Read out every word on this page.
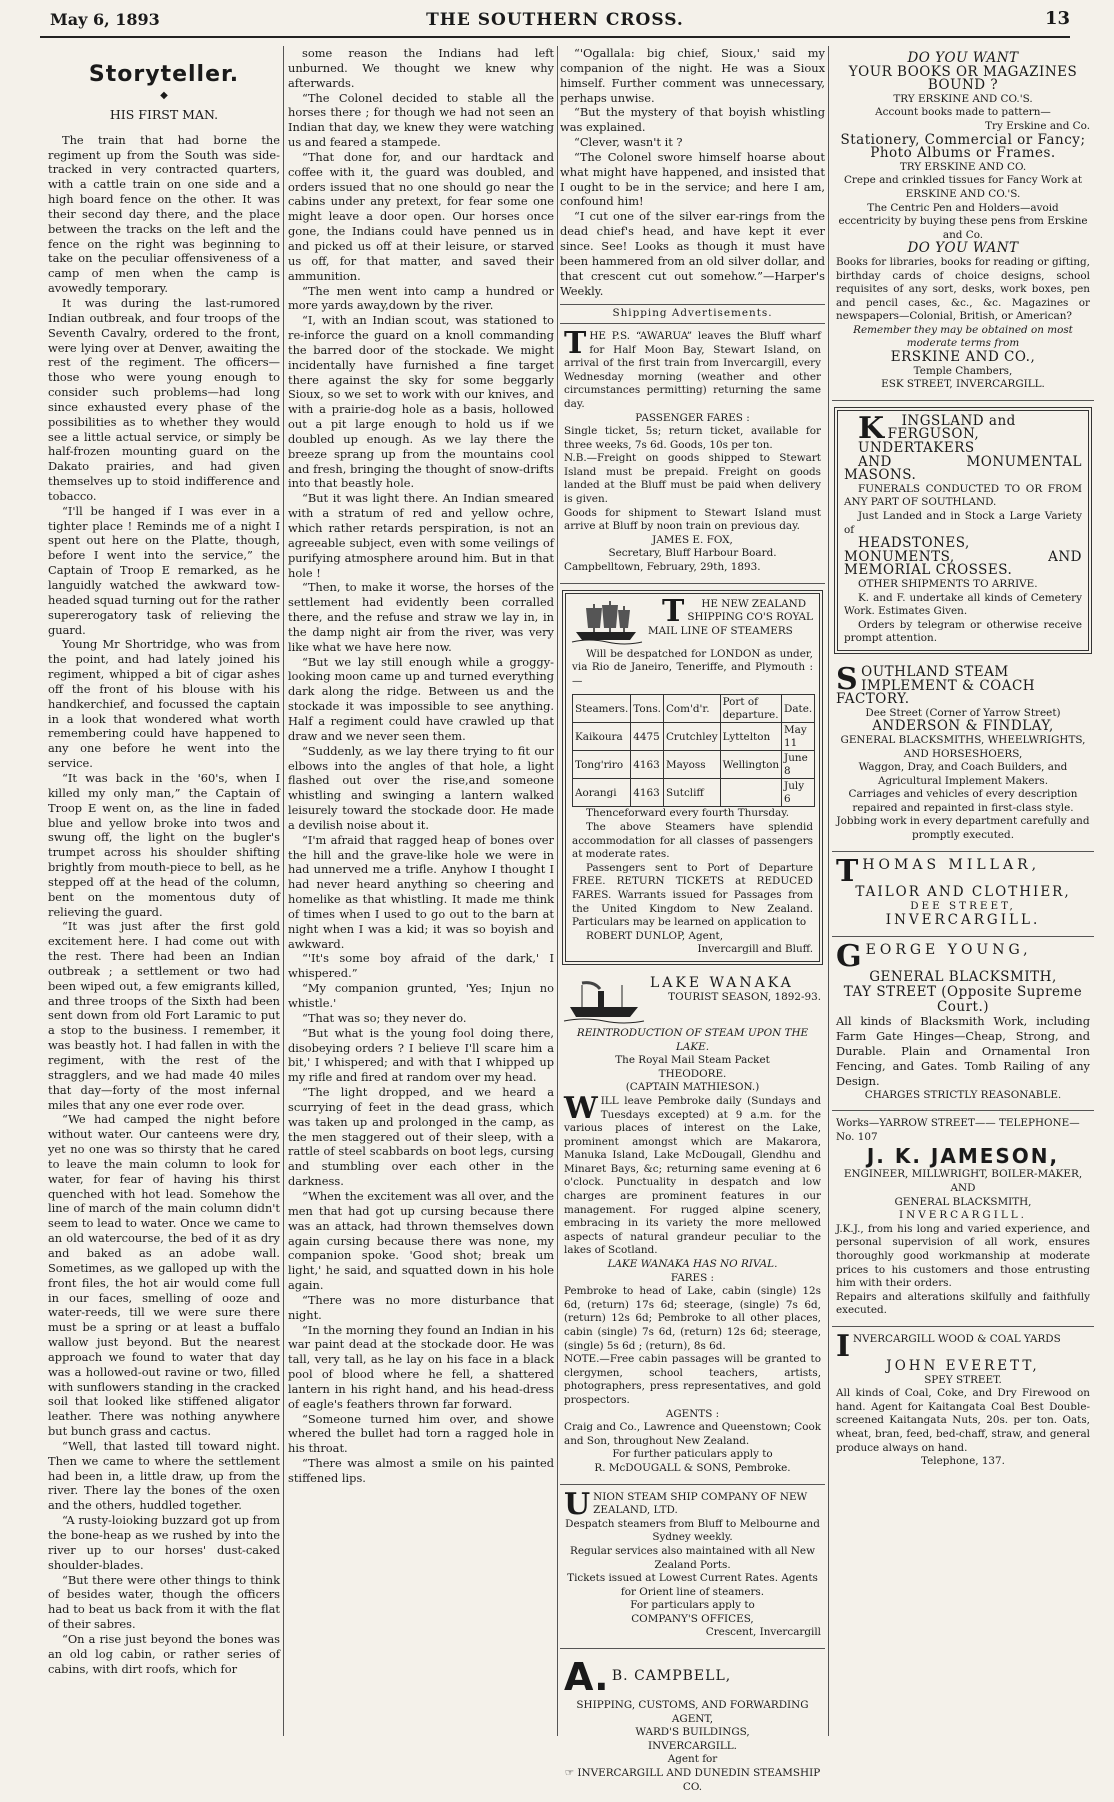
May 6, 1893	THE SOUTHERN CROSS.	13
Storyteller.
◆
HIS FIRST MAN.

The train that had borne the regiment up from the South was side-tracked in very contracted quarters, with a cattle train on one side and a high board fence on the other. It was their second day there, and the place between the tracks on the left and the fence on the right was beginning to take on the peculiar offensiveness of a camp of men when the camp is avowedly temporary.

It was during the last-rumored Indian outbreak, and four troops of the Seventh Cavalry, ordered to the front, were lying over at Denver, awaiting the rest of the regiment. The officers—those who were young enough to consider such problems—had long since exhausted every phase of the possibilities as to whether they would see a little actual service, or simply be half-frozen mounting guard on the Dakato prairies, and had given themselves up to stoid indifference and tobacco.

“I'll be hanged if I was ever in a tighter place ! Reminds me of a night I spent out here on the Platte, though, before I went into the service,” the Captain of Troop E remarked, as he languidly watched the awkward tow-headed squad turning out for the rather supererogatory task of relieving the guard.

Young Mr Shortridge, who was from the point, and had lately joined his regiment, whipped a bit of cigar ashes off the front of his blouse with his handkerchief, and focussed the captain in a look that wondered what worth remembering could have happened to any one before he went into the service.

“It was back in the '60's, when I killed my only man,” the Captain of Troop E went on, as the line in faded blue and yellow broke into twos and swung off, the light on the bugler's trumpet across his shoulder shifting brightly from mouth-piece to bell, as he stepped off at the head of the column, bent on the momentous duty of relieving the guard.

“It was just after the first gold excitement here. I had come out with the rest. There had been an Indian outbreak ; a settlement or two had been wiped out, a few emigrants killed, and three troops of the Sixth had been sent down from old Fort Laramic to put a stop to the business. I remember, it was beastly hot. I had fallen in with the regiment, with the rest of the stragglers, and we had made 40 miles that day—forty of the most infernal miles that any one ever rode over.

“We had camped the night before without water. Our canteens were dry, yet no one was so thirsty that he cared to leave the main column to look for water, for fear of having his thirst quenched with hot lead. Somehow the line of march of the main column didn't seem to lead to water. Once we came to an old watercourse, the bed of it as dry and baked as an adobe wall. Sometimes, as we galloped up with the front files, the hot air would come full in our faces, smelling of ooze and water-reeds, till we were sure there must be a spring or at least a buffalo wallow just beyond. But the nearest approach we found to water that day was a hollowed-out ravine or two, filled with sunflowers standing in the cracked soil that looked like stiffened aligator leather. There was nothing anywhere but bunch grass and cactus.

“Well, that lasted till toward night. Then we came to where the settlement had been in, a little draw, up from the river. There lay the bones of the oxen and the others, huddled together.

“A rusty-loioking buzzard got up from the bone-heap as we rushed by into the river up to our horses' dust-caked shoulder-blades.

“But there were other things to think of besides water, though the officers had to beat us back from it with the flat of their sabres.

“On a rise just beyond the bones was an old log cabin, or rather series of cabins, with dirt roofs, which for

some reason the Indians had left unburned. We thought we knew why afterwards.

“The Colonel decided to stable all the horses there ; for though we had not seen an Indian that day, we knew they were watching us and feared a stampede.

“That done for, and our hardtack and coffee with it, the guard was doubled, and orders issued that no one should go near the cabins under any pretext, for fear some one might leave a door open. Our horses once gone, the Indians could have penned us in and picked us off at their leisure, or starved us off, for that matter, and saved their ammunition.

“The men went into camp a hundred or more yards away,down by the river.

“I, with an Indian scout, was stationed to re-inforce the guard on a knoll commanding the barred door of the stockade. We might incidentally have furnished a fine target there against the sky for some beggarly Sioux, so we set to work with our knives, and with a prairie-dog hole as a basis, hollowed out a pit large enough to hold us if we doubled up enough. As we lay there the breeze sprang up from the mountains cool and fresh, bringing the thought of snow-drifts into that beastly hole.

“But it was light there. An Indian smeared with a stratum of red and yellow ochre, which rather retards perspiration, is not an agreeable subject, even with some veilings of purifying atmosphere around him. But in that hole !

“Then, to make it worse, the horses of the settlement had evidently been corralled there, and the refuse and straw we lay in, in the damp night air from the river, was very like what we have here now.

“But we lay still enough while a groggy-looking moon came up and turned everything dark along the ridge. Between us and the stockade it was impossible to see anything. Half a regiment could have crawled up that draw and we never seen them.

“Suddenly, as we lay there trying to fit our elbows into the angles of that hole, a light flashed out over the rise,and someone whistling and swinging a lantern walked leisurely toward the stockade door. He made a devilish noise about it.

“I'm afraid that ragged heap of bones over the hill and the grave-like hole we were in had unnerved me a trifle. Anyhow I thought I had never heard anything so cheering and homelike as that whistling. It made me think of times when I used to go out to the barn at night when I was a kid; it was so boyish and awkward.

“'It's some boy afraid of the dark,' I whispered.”

“My companion grunted, 'Yes; Injun no whistle.'

“That was so; they never do.

“But what is the young fool doing there, disobeying orders ? I believe I'll scare him a bit,' I whispered; and with that I whipped up my rifle and fired at random over my head.

“The light dropped, and we heard a scurrying of feet in the dead grass, which was taken up and prolonged in the camp, as the men staggered out of their sleep, with a rattle of steel scabbards on boot legs, cursing and stumbling over each other in the darkness.

“When the excitement was all over, and the men that had got up cursing because there was an attack, had thrown themselves down again cursing because there was none, my companion spoke. 'Good shot; break um light,' he said, and squatted down in his hole again.

“There was no more disturbance that night.

“In the morning they found an Indian in his war paint dead at the stockade door. He was tall, very tall, as he lay on his face in a black pool of blood where he fell, a shattered lantern in his right hand, and his head-dress of eagle's feathers thrown far forward.

“Someone turned him over, and showe whered the bullet had torn a ragged hole in his throat.

“There was almost a smile on his painted stiffened lips.

“'Ogallala: big chief, Sioux,' said my companion of the night. He was a Sioux himself. Further comment was unnecessary, perhaps unwise.

“But the mystery of that boyish whistling was explained.

“Clever, wasn't it ?

“The Colonel swore himself hoarse about what might have happened, and insisted that I ought to be in the service; and here I am, confound him!

“I cut one of the silver ear-rings from the dead chief's head, and have kept it ever since. See! Looks as though it must have been hammered from an old silver dollar, and that crescent cut out somehow.”—Harper's Weekly.

Shipping Advertisements.

THE P.S. “AWARUA” leaves the Bluff wharf for Half Moon Bay, Stewart Island, on arrival of the first train from Invercargill, every Wednesday morning (weather and other circumstances permitting) returning the same day.

PASSENGER FARES :

Single ticket, 5s; return ticket, available for three weeks, 7s 6d. Goods, 10s per ton.

N.B.—Freight on goods shipped to Stewart Island must be prepaid. Freight on goods landed at the Bluff must be paid when delivery is given.

Goods for shipment to Stewart Island must arrive at Bluff by noon train on previous day.

JAMES E. FOX,

Secretary, Bluff Harbour Board.

Campbelltown, February, 29th, 1893.

T HE NEW ZEALAND SHIPPING CO'S ROYAL MAIL LINE OF STEAMERS

Will be despatched for LONDON as under, via Rio de Janeiro, Teneriffe, and Plymouth :—

Steamers.	Tons.	Com'd'r.	Port of departure.	Date.
Kaikoura	4475	Crutchley	Lyttelton	May 11
Tong'riro	4163	Mayoss	Wellington	June 8
Aorangi	4163	Sutcliff		July 6

Thenceforward every fourth Thursday.

The above Steamers have splendid accommodation for all classes of passengers at moderate rates.

Passengers sent to Port of Departure FREE. RETURN TICKETS at REDUCED FARES. Warrants issued for Passages from the United Kingdom to New Zealand. Particulars may be learned on application to

ROBERT DUNLOP, Agent,

Invercargill and Bluff.

LAKE WANAKA

TOURIST SEASON, 1892-93.

REINTRODUCTION OF STEAM UPON THE LAKE.

The Royal Mail Steam Packet

THEODORE.

(CAPTAIN MATHIESON.)

WILL leave Pembroke daily (Sundays and Tuesdays excepted) at 9 a.m. for the various places of interest on the Lake, prominent amongst which are Makarora, Manuka Island, Lake McDougall, Glendhu and Minaret Bays, &c; returning same evening at 6 o'clock. Punctuality in despatch and low charges are prominent features in our management. For rugged alpine scenery, embracing in its variety the more mellowed aspects of natural grandeur peculiar to the lakes of Scotland.

LAKE WANAKA HAS NO RIVAL.

FARES :

Pembroke to head of Lake, cabin (single) 12s 6d, (return) 17s 6d; steerage, (single) 7s 6d, (return) 12s 6d; Pembroke to all other places, cabin (single) 7s 6d, (return) 12s 6d; steerage, (single) 5s 6d ; (return), 8s 6d.

NOTE.—Free cabin passages will be granted to clergymen, school teachers, artists, photographers, press representatives, and gold prospectors.

AGENTS :

Craig and Co., Lawrence and Queenstown; Cook and Son, throughout New Zealand.

For further paticulars apply to

R. McDOUGALL & SONS, Pembroke.

UNION STEAM SHIP COMPANY OF NEW ZEALAND, LTD.

Despatch steamers from Bluff to Melbourne and Sydney weekly.

Regular services also maintained with all New Zealand Ports.

Tickets issued at Lowest Current Rates. Agents for Orient line of steamers.

For particulars apply to

COMPANY'S OFFICES,

Crescent, Invercargill

A. B. CAMPBELL,

SHIPPING, CUSTOMS, AND FORWARDING AGENT,

WARD'S BUILDINGS,

INVERCARGILL.

Agent for

☞ INVERCARGILL AND DUNEDIN STEAMSHIP CO.

DO YOU WANT

YOUR BOOKS OR MAGAZINES

BOUND ?

TRY ERSKINE AND CO.'S.

Account books made to pattern—

Try Erskine and Co.

Stationery, Commercial or Fancy; Photo Albums or Frames.

TRY ERSKINE AND CO.

Crepe and crinkled tissues for Fancy Work at

ERSKINE AND CO.'S.

The Centric Pen and Holders—avoid eccentricity by buying these pens from Erskine and Co.

DO YOU WANT

Books for libraries, books for reading or gifting, birthday cards of choice designs, school requisites of any sort, desks, work boxes, pen and pencil cases, &c., &c. Magazines or newspapers—Colonial, British, or American?

Remember they may be obtained on most moderate terms from

ERSKINE AND CO.,

Temple Chambers,

ESK STREET, INVERCARGILL.

K INGSLAND and FERGUSON,

UNDERTAKERS

AND MONUMENTAL MASONS.

FUNERALS CONDUCTED TO OR FROM ANY PART OF SOUTHLAND.

Just Landed and in Stock a Large Variety of

HEADSTONES, MONUMENTS, AND MEMORIAL CROSSES.

OTHER SHIPMENTS TO ARRIVE.

K. and F. undertake all kinds of Cemetery Work. Estimates Given.

Orders by telegram or otherwise receive prompt attention.

SOUTHLAND STEAM IMPLEMENT & COACH FACTORY.

Dee Street (Corner of Yarrow Street)

ANDERSON & FINDLAY,

GENERAL BLACKSMITHS, WHEELWRIGHTS, AND HORSESHOERS,

Waggon, Dray, and Coach Builders, and Agricultural Implement Makers.

Carriages and vehicles of every description repaired and repainted in first-class style.

Jobbing work in every department carefully and promptly executed.

THOMAS MILLAR,

TAILOR AND CLOTHIER,

DEE STREET,

INVERCARGILL.

GEORGE YOUNG,

GENERAL BLACKSMITH,

TAY STREET (Opposite Supreme Court.)

All kinds of Blacksmith Work, including Farm Gate Hinges—Cheap, Strong, and Durable. Plain and Ornamental Iron Fencing, and Gates. Tomb Railing of any Design.

CHARGES STRICTLY REASONABLE.

Works—YARROW STREET—— TELEPHONE—No. 107

J. K. JAMESON,

ENGINEER, MILLWRIGHT, BOILER-MAKER, AND

GENERAL BLACKSMITH,

INVERCARGILL.

J.K.J., from his long and varied experience, and personal supervision of all work, ensures thoroughly good workmanship at moderate prices to his customers and those entrusting him with their orders.

Repairs and alterations skilfully and faithfully executed.

INVERCARGILL WOOD & COAL YARDS

JOHN EVERETT,

SPEY STREET.

All kinds of Coal, Coke, and Dry Firewood on hand. Agent for Kaitangata Coal Best Double-screened Kaitangata Nuts, 20s. per ton. Oats, wheat, bran, feed, bed-chaff, straw, and general produce always on hand.

Telephone, 137.
